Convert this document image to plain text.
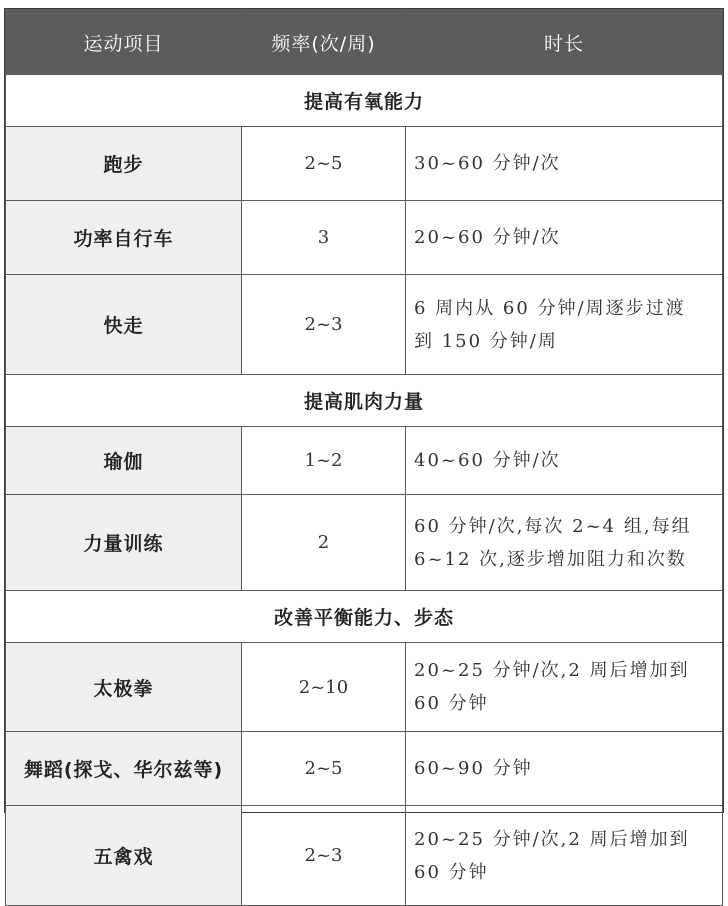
运动项目	频率(次/周)	时长
提高有氧能力		
跑步	2~5	30~60 分钟/次
功率自行车	3	20~60 分钟/次
快走	2~3	6 周内从 60 分钟/周逐步过渡
到 150 分钟/周
提高肌肉力量		
瑜伽	1~2	40~60 分钟/次
力量训练	2	60 分钟/次,每次 2~4 组,每组
6~12 次,逐步增加阻力和次数
改善平衡能力、步态		
太极拳	2~10	20~25 分钟/次,2 周后增加到
60 分钟
舞蹈(探戈、华尔兹等)	2~5	60~90 分钟
五禽戏	2~3	20~25 分钟/次,2 周后增加到
60 分钟
